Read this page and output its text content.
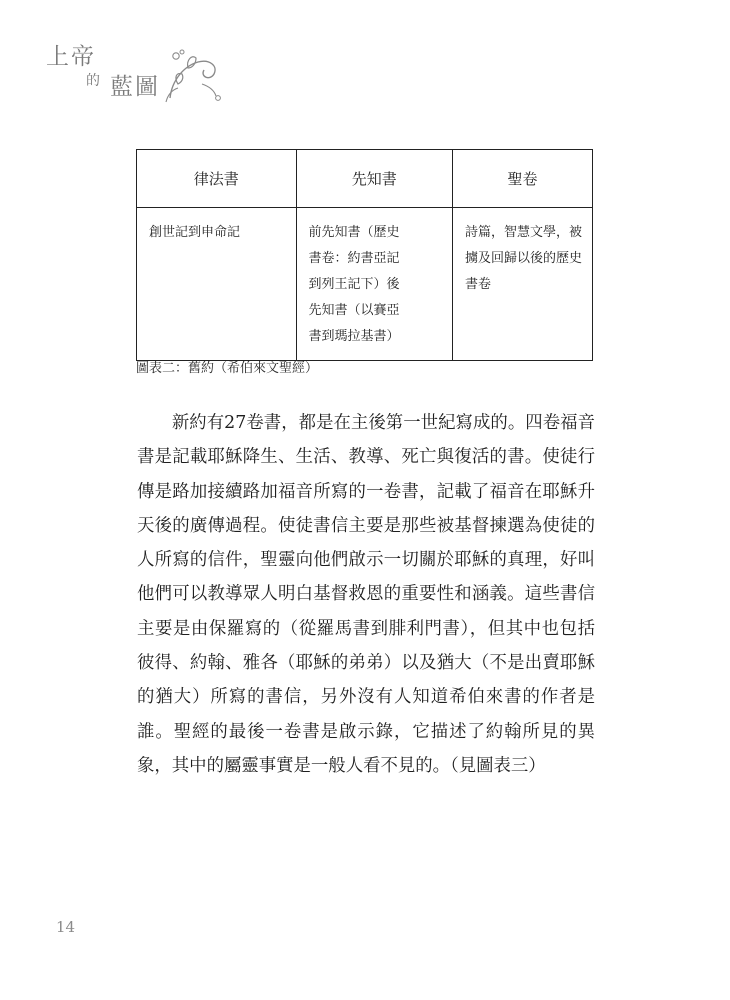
上帝
的 藍圖
律法書	先知書	聖卷

創世記到申命記	前先知書（歷史書卷：約書亞記到列王記下）後先知書（以賽亞書到瑪拉基書）	詩篇，智慧文學，被擄及回歸以後的歷史書卷
圖表二：舊約（希伯來文聖經）

新約有27卷書，都是在主後第一世紀寫成的。四卷福音書是記載耶穌降生、生活、教導、死亡與復活的書。使徒行傳是路加接續路加福音所寫的一卷書，記載了福音在耶穌升天後的廣傳過程。使徒書信主要是那些被基督揀選為使徒的人所寫的信件，聖靈向他們啟示一切關於耶穌的真理，好叫他們可以教導眾人明白基督救恩的重要性和涵義。這些書信主要是由保羅寫的（從羅馬書到腓利門書），但其中也包括彼得、約翰、雅各（耶穌的弟弟）以及猶大（不是出賣耶穌的猶大）所寫的書信，另外沒有人知道希伯來書的作者是誰。聖經的最後一卷書是啟示錄，它描述了約翰所見的異象，其中的屬靈事實是一般人看不見的。（見圖表三）

14
